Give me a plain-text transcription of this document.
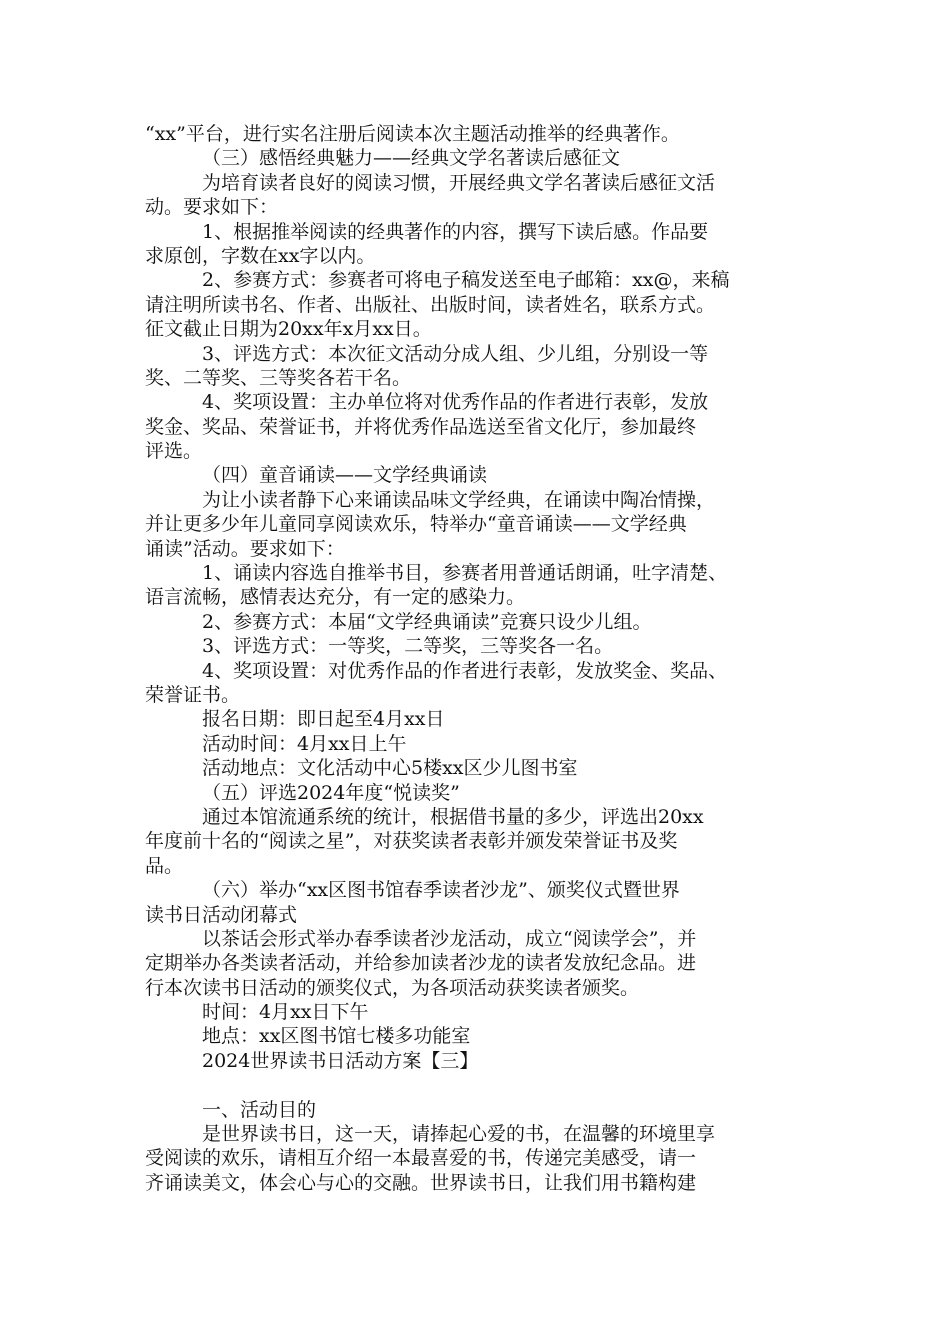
“xx”平台，进行实名注册后阅读本次主题活动推举的经典著作。
（三）感悟经典魅力——经典文学名著读后感征文
为培育读者良好的阅读习惯，开展经典文学名著读后感征文活
动。要求如下：
1、根据推举阅读的经典著作的内容，撰写下读后感。作品要
求原创，字数在xx字以内。
2、参赛方式：参赛者可将电子稿发送至电子邮箱：xx@，来稿
请注明所读书名、作者、出版社、出版时间，读者姓名，联系方式。
征文截止日期为20xx年x月xx日。
3、评选方式：本次征文活动分成人组、少儿组，分别设一等
奖、二等奖、三等奖各若干名。
4、奖项设置：主办单位将对优秀作品的作者进行表彰，发放
奖金、奖品、荣誉证书，并将优秀作品选送至省文化厅，参加最终
评选。
（四）童音诵读——文学经典诵读
为让小读者静下心来诵读品味文学经典，在诵读中陶冶情操，
并让更多少年儿童同享阅读欢乐，特举办“童音诵读——文学经典
诵读”活动。要求如下：
1、诵读内容选自推举书目，参赛者用普通话朗诵，吐字清楚、
语言流畅，感情表达充分，有一定的感染力。
2、参赛方式：本届“文学经典诵读”竞赛只设少儿组。
3、评选方式：一等奖，二等奖，三等奖各一名。
4、奖项设置：对优秀作品的作者进行表彰，发放奖金、奖品、
荣誉证书。
报名日期：即日起至4月xx日
活动时间：4月xx日上午
活动地点：文化活动中心5楼xx区少儿图书室
（五）评选2024年度“悦读奖”
通过本馆流通系统的统计，根据借书量的多少，评选出20xx
年度前十名的“阅读之星”，对获奖读者表彰并颁发荣誉证书及奖
品。
（六）举办“xx区图书馆春季读者沙龙”、颁奖仪式暨世界
读书日活动闭幕式
以茶话会形式举办春季读者沙龙活动，成立“阅读学会”，并
定期举办各类读者活动，并给参加读者沙龙的读者发放纪念品。进
行本次读书日活动的颁奖仪式，为各项活动获奖读者颁奖。
时间：4月xx日下午
地点：xx区图书馆七楼多功能室
2024世界读书日活动方案【三】
一、活动目的
是世界读书日，这一天，请捧起心爱的书，在温馨的环境里享
受阅读的欢乐，请相互介绍一本最喜爱的书，传递完美感受，请一
齐诵读美文，体会心与心的交融。世界读书日，让我们用书籍构建
